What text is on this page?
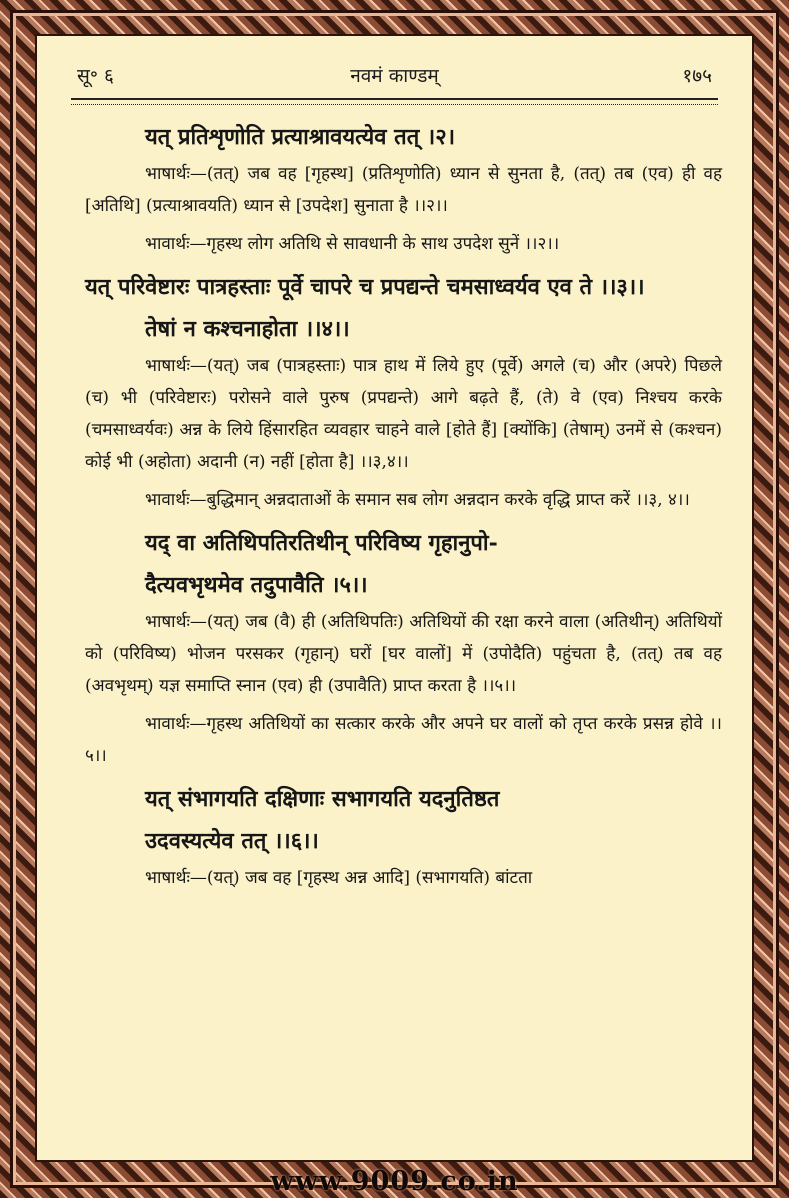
सू॰ ६	नवमं काण्डम्	१७५

यत् प्रतिशृणोति प्रत्याश्रावयत्येव तत् ।२।

भाषार्थः—(तत्) जब वह [गृहस्थ] (प्रतिशृणोति) ध्यान से सुनता है, (तत्) तब (एव) ही वह [अतिथि] (प्रत्याश्रावयति) ध्यान से [उपदेश] सुनाता है ।।२।।

भावार्थः—गृहस्थ लोग अतिथि से सावधानी के साथ उपदेश सुनें ।।२।।

यत् परिवेष्टारः पात्रहस्ताः पूर्वे चापरे च प्रपद्यन्ते चमसाध्वर्यव एव ते ।।३।।

तेषां न कश्चनाहोता ।।४।।

भाषार्थः—(यत्) जब (पात्रहस्ताः) पात्र हाथ में लिये हुए (पूर्वे) अगले (च) और (अपरे) पिछले (च) भी (परिवेष्टारः) परोसने वाले पुरुष (प्रपद्यन्ते) आगे बढ़ते हैं, (ते) वे (एव) निश्चय करके (चमसाध्वर्यवः) अन्न के लिये हिंसारहित व्यवहार चाहने वाले [होते हैं] [क्योंकि] (तेषाम्) उनमें से (कश्चन) कोई भी (अहोता) अदानी (न) नहीं [होता है] ।।३,४।।

भावार्थः—बुद्धिमान् अन्नदाताओं के समान सब लोग अन्नदान करके वृद्धि प्राप्त करें ।।३, ४।।

यद् वा अतिथिपतिरतिथीन् परिविष्य गृहानुपो-

दैत्यवभृथमेव तदुपावैति ।५।।

भाषार्थः—(यत्) जब (वै) ही (अतिथिपतिः) अतिथियों की रक्षा करने वाला (अतिथीन्) अतिथियों को (परिविष्य) भोजन परसकर (गृहान्) घरों [घर वालों] में (उपोदैति) पहुंचता है, (तत्) तब वह (अवभृथम्) यज्ञ समाप्ति स्नान (एव) ही (उपावैति) प्राप्त करता है ।।५।।

भावार्थः—गृहस्थ अतिथियों का सत्कार करके और अपने घर वालों को तृप्त करके प्रसन्न होवे ।।५।।

यत् संभागयति दक्षिणाः सभागयति यदनुतिष्ठत

उदवस्यत्येव तत् ।।६।।

भाषार्थः—(यत्) जब वह [गृहस्थ अन्न आदि] (सभागयति) बांटता

www.9009.co.in
